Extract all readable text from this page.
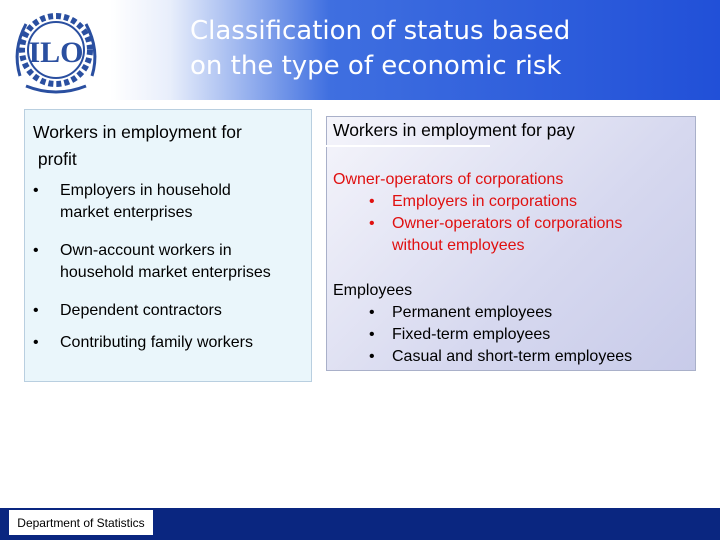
ILO
Classification of status based
on the type of economic risk
Workers in employment for
profit
• Employers in household
market enterprises
• Own-account workers in
household market enterprises
• Dependent contractors
• Contributing family workers
Workers in employment for pay
Owner-operators of corporations
• Employers in corporations
• Owner-operators of corporations
without employees
Employees
• Permanent employees
• Fixed-term employees
• Casual and short-term employees
Department of Statistics
